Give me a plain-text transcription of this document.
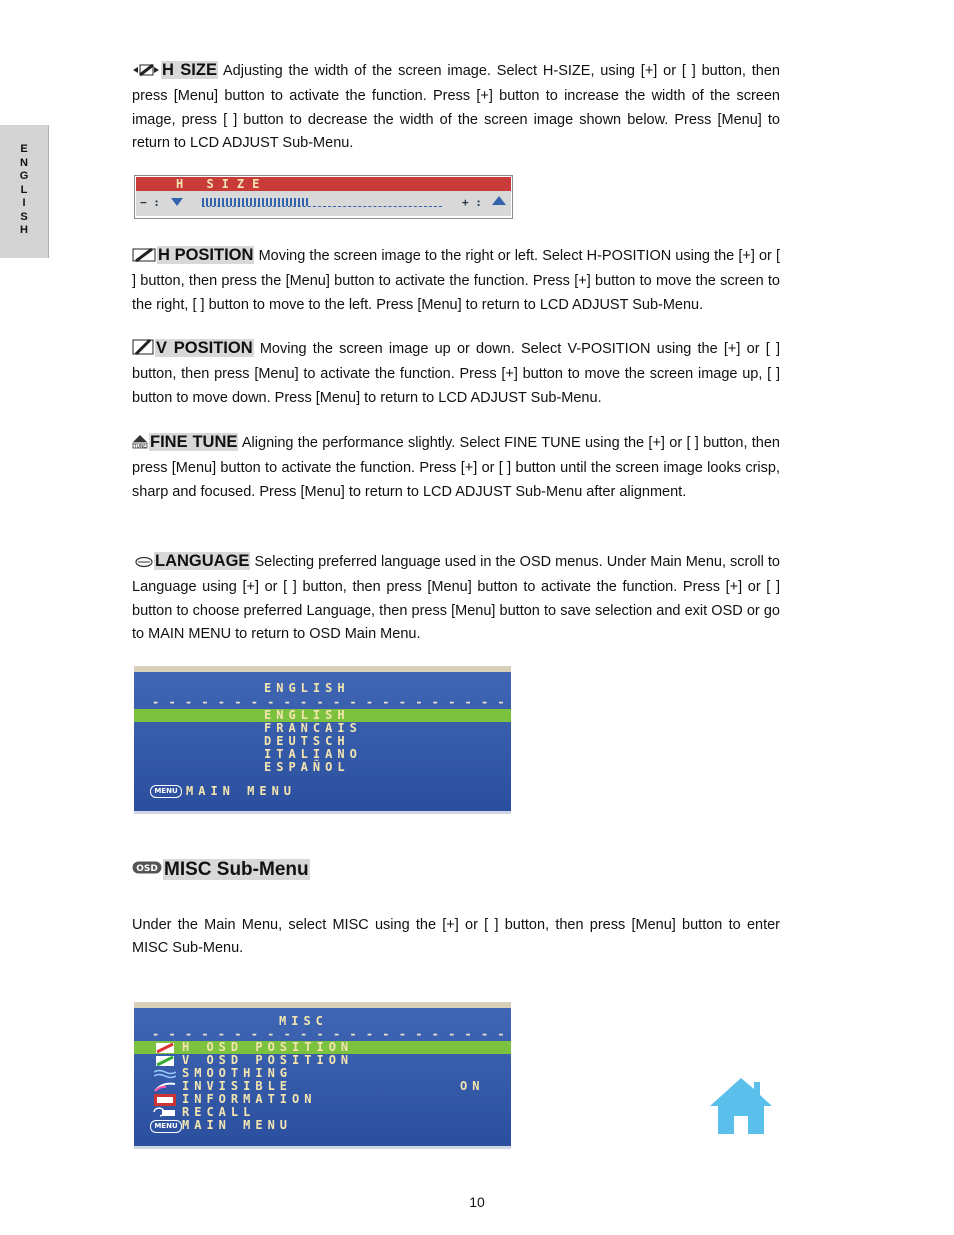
E
N
G
L
I
S
H
H SIZE Adjusting the width of the screen image. Select H-SIZE, using [+] or [ ] button, then press [Menu] button to activate the function. Press [+] button to increase the width of the screen image, press [ ] button to decrease the width of the screen image shown below. Press [Menu] to return to LCD ADJUST Sub-Menu.
H SIZE
− :	+ :
H POSITION Moving the screen image to the right or left. Select H-POSITION using the [+] or [ ] button, then press the [Menu] button to activate the function. Press [+] button to move the screen to the right, [ ] button to move to the left. Press [Menu] to return to LCD ADJUST Sub-Menu.
V POSITION Moving the screen image up or down. Select V-POSITION using the [+] or [ ] button, then press [Menu] to activate the function. Press [+] button to move the screen image up, [ ] button to move down. Press [Menu] to return to LCD ADJUST Sub-Menu.
TUNE FINE TUNE Aligning the performance slightly. Select FINE TUNE using the [+] or [ ] button, then press [Menu] button to activate the function. Press [+] or [ ] button until the screen image looks crisp, sharp and focused. Press [Menu] to return to LCD ADJUST Sub-Menu after alignment.
LANGUAGE Selecting preferred language used in the OSD menus. Under Main Menu, scroll to Language using [+] or [ ] button, then press [Menu] button to activate the function. Press [+] or [ ] button to choose preferred Language, then press [Menu] button to save selection and exit OSD or go to MAIN MENU to return to OSD Main Menu.
ENGLISH
- - - - - - - - - - - - - - - - - - - - - -
ENGLISH
FRANCAIS
DEUTSCH
ITALIANO
ESPAÑOL
MENU MAIN MENU
OSD MISC Sub-Menu
Under the Main Menu, select MISC using the [+] or [ ] button, then press [Menu] button to enter MISC Sub-Menu.
MISC
- - - - - - - - - - - - - - - - - - - - - -
H OSD POSITION
V OSD POSITION
SMOOTHING
INVISIBLE	ON
INFORMATION
RECALL
MENU MAIN MENU
10
